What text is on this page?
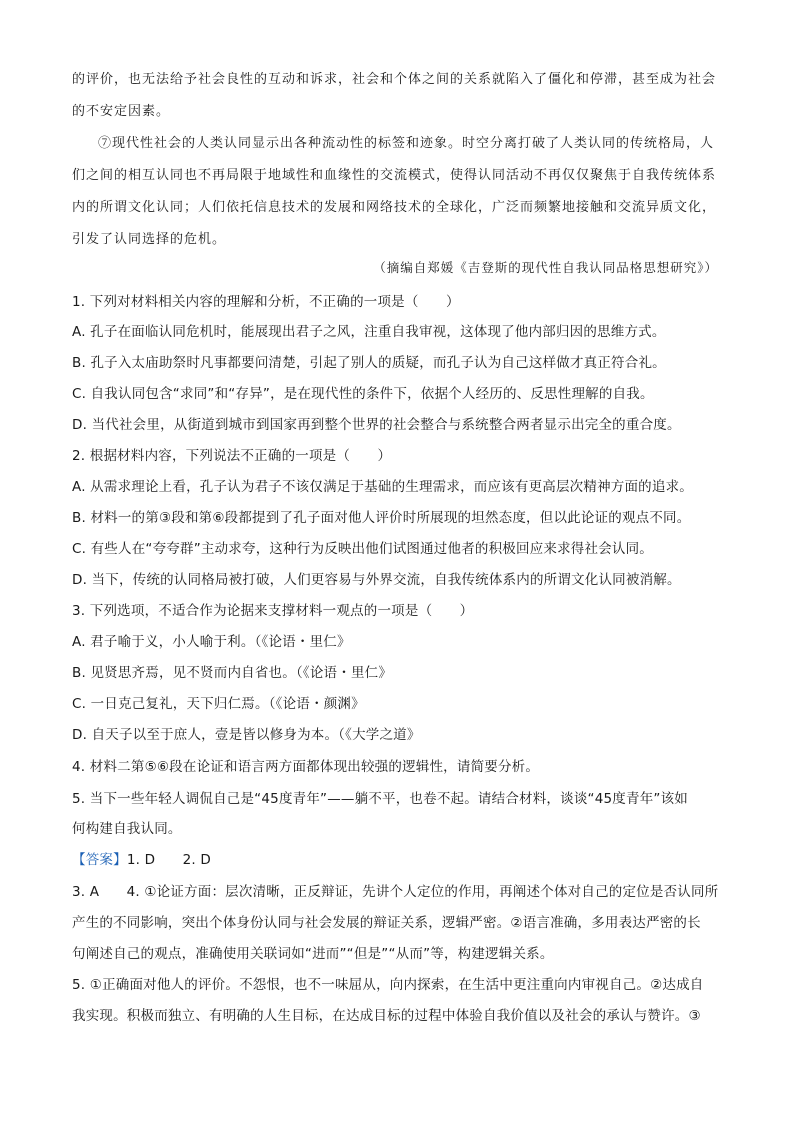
的评价，也无法给予社会良性的互动和诉求，社会和个体之间的关系就陷入了僵化和停滞，甚至成为社会
的不安定因素。
⑦现代性社会的人类认同显示出各种流动性的标签和迹象。时空分离打破了人类认同的传统格局，人
们之间的相互认同也不再局限于地域性和血缘性的交流模式，使得认同活动不再仅仅聚焦于自我传统体系
内的所谓文化认同；人们依托信息技术的发展和网络技术的全球化，广泛而频繁地接触和交流异质文化，
引发了认同选择的危机。
（摘编自郑媛《吉登斯的现代性自我认同品格思想研究》）
1. 下列对材料相关内容的理解和分析，不正确的一项是（　　）
A. 孔子在面临认同危机时，能展现出君子之风，注重自我审视，这体现了他内部归因的思维方式。
B. 孔子入太庙助祭时凡事都要问清楚，引起了别人的质疑，而孔子认为自己这样做才真正符合礼。
C. 自我认同包含“求同”和“存异”，是在现代性的条件下，依据个人经历的、反思性理解的自我。
D. 当代社会里，从街道到城市到国家再到整个世界的社会整合与系统整合两者显示出完全的重合度。
2. 根据材料内容，下列说法不正确的一项是（　　）
A. 从需求理论上看，孔子认为君子不该仅满足于基础的生理需求，而应该有更高层次精神方面的追求。
B. 材料一的第③段和第⑥段都提到了孔子面对他人评价时所展现的坦然态度，但以此论证的观点不同。
C. 有些人在“夸夸群”主动求夸，这种行为反映出他们试图通过他者的积极回应来求得社会认同。
D. 当下，传统的认同格局被打破，人们更容易与外界交流，自我传统体系内的所谓文化认同被消解。
3. 下列选项，不适合作为论据来支撑材料一观点的一项是（　　）
A. 君子喻于义，小人喻于利。（《论语・里仁》
B. 见贤思齐焉，见不贤而内自省也。（《论语・里仁》
C. 一日克己复礼，天下归仁焉。（《论语・颜渊》
D. 自天子以至于庶人，壹是皆以修身为本。（《大学之道》
4. 材料二第⑤⑥段在论证和语言两方面都体现出较强的逻辑性，请简要分析。
5. 当下一些年轻人调侃自己是“45度青年”——躺不平，也卷不起。请结合材料，谈谈“45度青年”该如
何构建自我认同。
【答案】1. D　　2. D
3. A　　4. ①论证方面：层次清晰，正反辩证，先讲个人定位的作用，再阐述个体对自己的定位是否认同所
产生的不同影响，突出个体身份认同与社会发展的辩证关系，逻辑严密。②语言准确，多用表达严密的长
句阐述自己的观点，准确使用关联词如“进而”“但是”“从而”等，构建逻辑关系。
5. ①正确面对他人的评价。不怨恨，也不一味屈从，向内探索，在生活中更注重向内审视自己。②达成自
我实现。积极而独立、有明确的人生目标，在达成目标的过程中体验自我价值以及社会的承认与赞许。③
